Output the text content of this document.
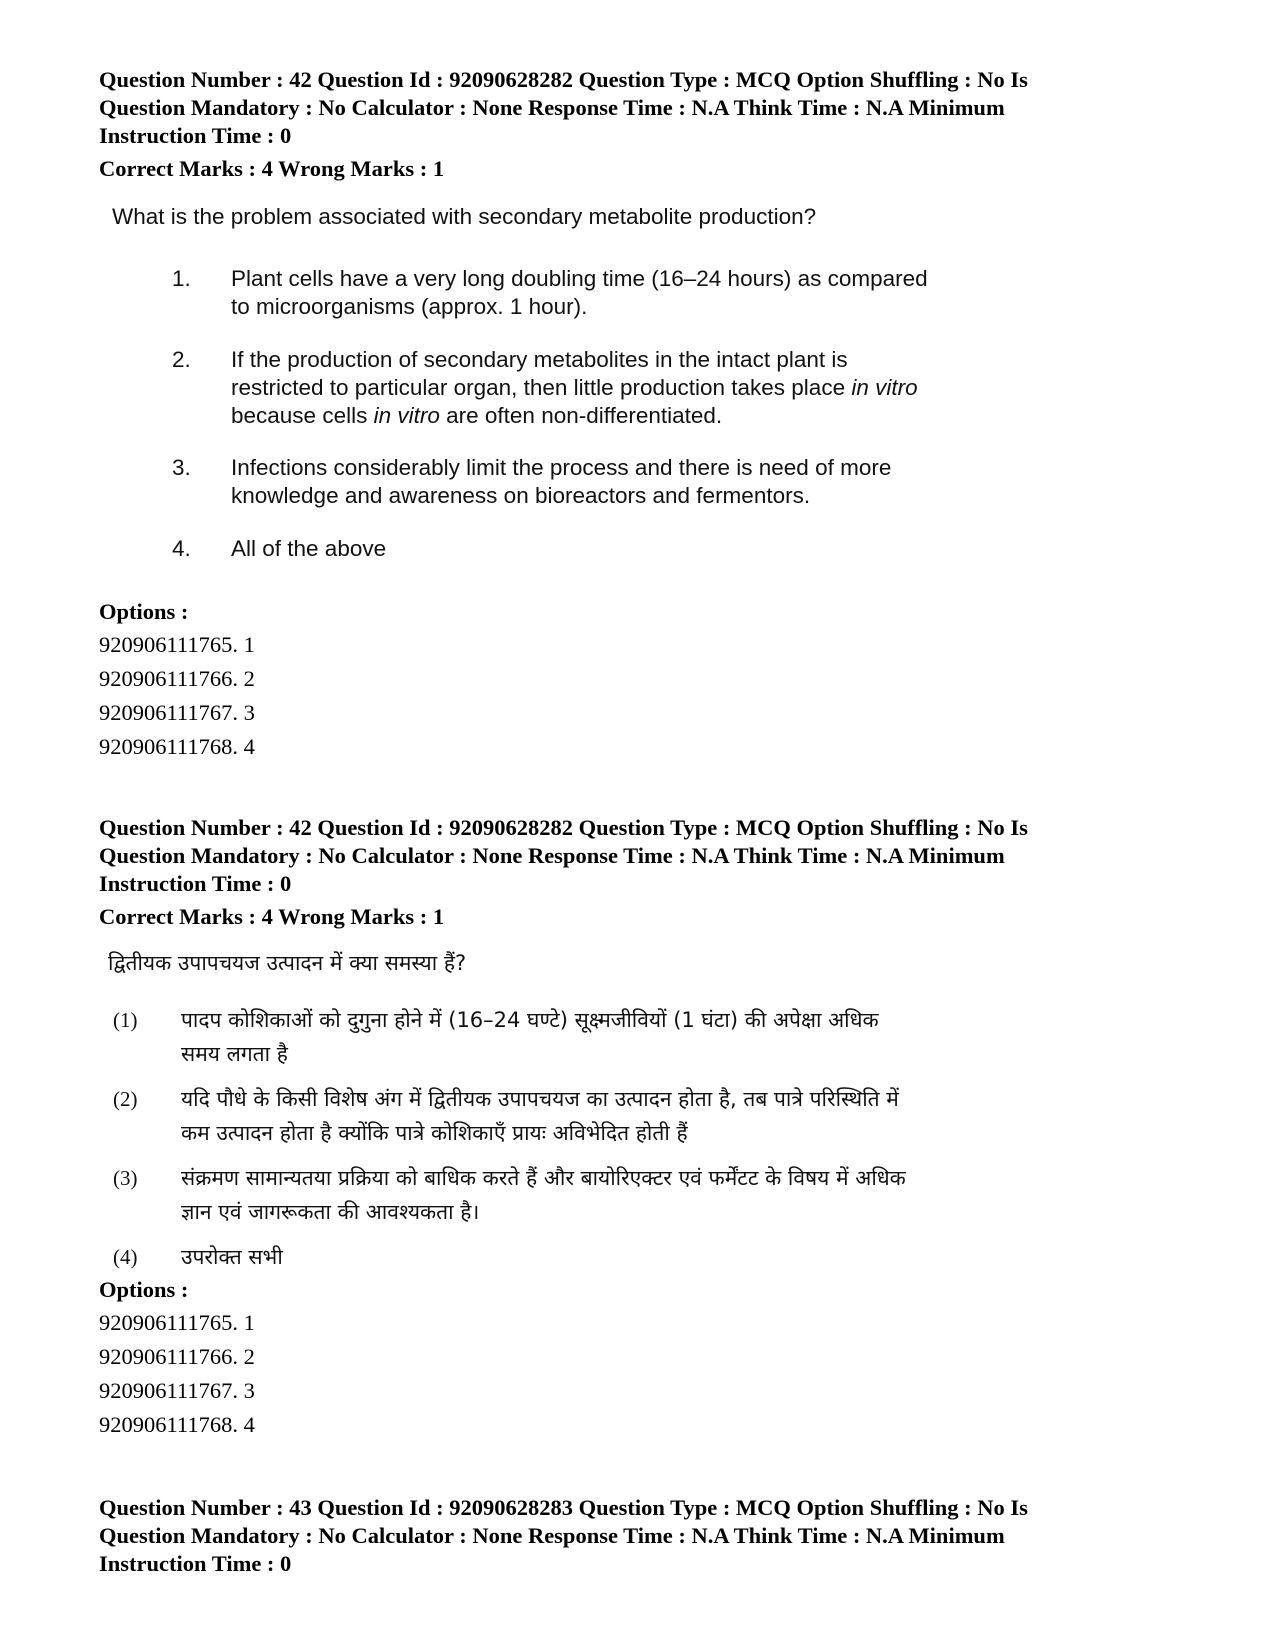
Question Number : 42 Question Id : 92090628282 Question Type : MCQ Option Shuffling : No Is
Question Mandatory : No Calculator : None Response Time : N.A Think Time : N.A Minimum
Instruction Time : 0

Correct Marks : 4 Wrong Marks : 1

What is the problem associated with secondary metabolite production?

1. Plant cells have a very long doubling time (16–24 hours) as compared
to microorganisms (approx. 1 hour).
2. If the production of secondary metabolites in the intact plant is
restricted to particular organ, then little production takes place in vitro
because cells in vitro are often non-differentiated.
3. Infections considerably limit the process and there is need of more
knowledge and awareness on bioreactors and fermentors.
4. All of the above

Options :

920906111765. 1
920906111766. 2
920906111767. 3
920906111768. 4
Question Number : 42 Question Id : 92090628282 Question Type : MCQ Option Shuffling : No Is
Question Mandatory : No Calculator : None Response Time : N.A Think Time : N.A Minimum
Instruction Time : 0

Correct Marks : 4 Wrong Marks : 1

द्वितीयक उपापचयज उत्पादन में क्या समस्या हैं?

(1) पादप कोशिकाओं को दुगुना होने में (16–24 घण्टे) सूक्ष्मजीवियों (1 घंटा) की अपेक्षा अधिक
समय लगता है
(2) यदि पौधे के किसी विशेष अंग में द्वितीयक उपापचयज का उत्पादन होता है, तब पात्रे परिस्थिति में
कम उत्पादन होता है क्योंकि पात्रे कोशिकाएँ प्रायः अविभेदित होती हैं
(3) संक्रमण सामान्यतया प्रक्रिया को बाधिक करते हैं और बायोरिएक्टर एवं फर्मेंटट के विषय में अधिक
ज्ञान एवं जागरूकता की आवश्यकता है।
(4) उपरोक्त सभी

Options :

920906111765. 1
920906111766. 2
920906111767. 3
920906111768. 4
Question Number : 43 Question Id : 92090628283 Question Type : MCQ Option Shuffling : No Is
Question Mandatory : No Calculator : None Response Time : N.A Think Time : N.A Minimum
Instruction Time : 0
